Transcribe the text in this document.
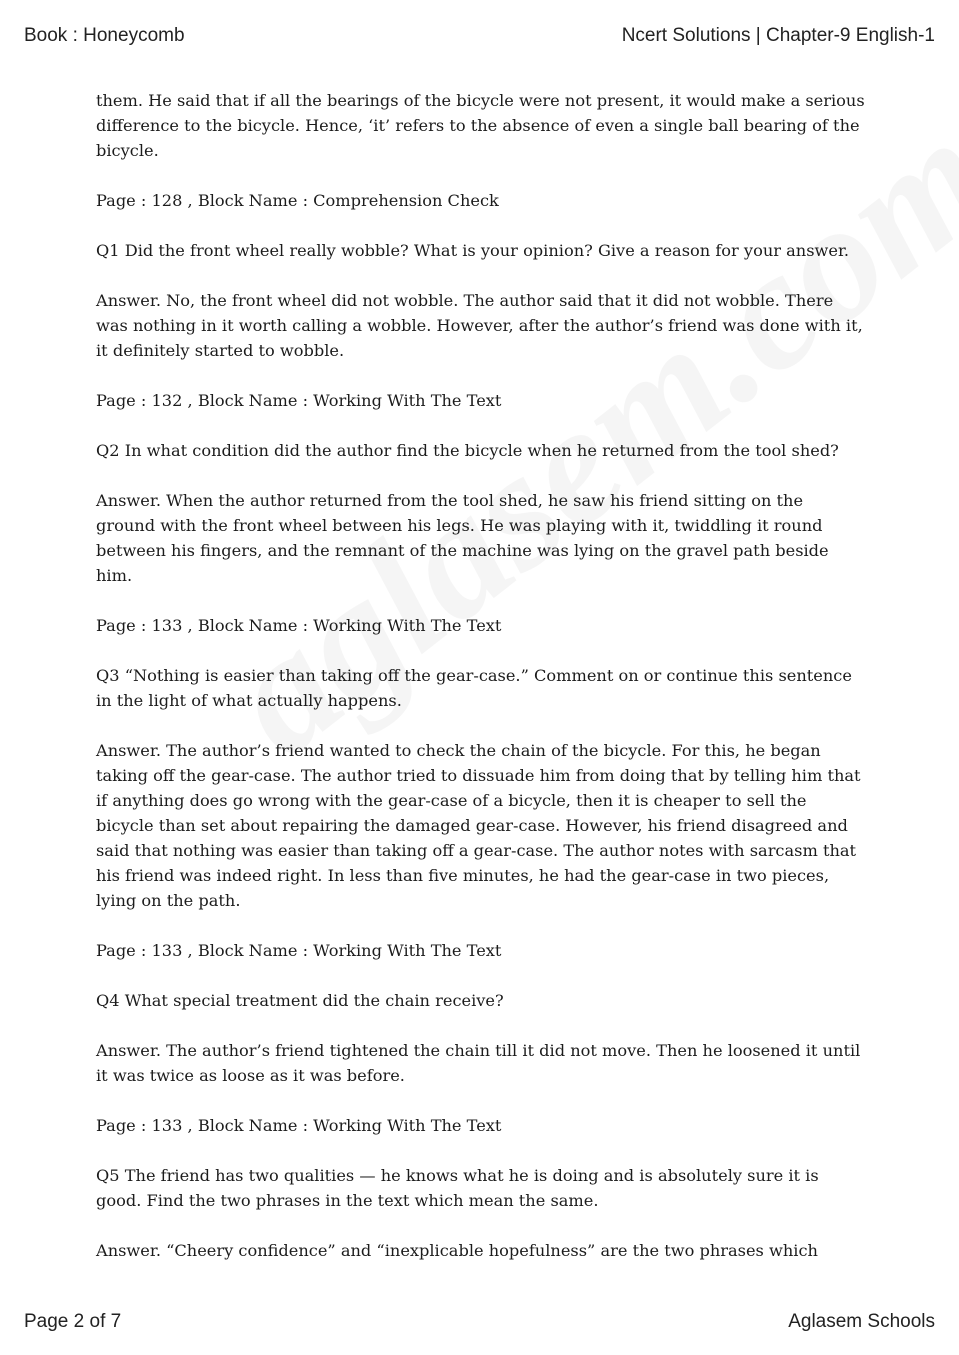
Book : Honeycomb	Ncert Solutions | Chapter-9 English-1

them. He said that if all the bearings of the bicycle were not present, it would make a serious difference to the bicycle. Hence, ‘it’ refers to the absence of even a single ball bearing of the bicycle.

Page : 128 , Block Name : Comprehension Check

Q1 Did the front wheel really wobble? What is your opinion? Give a reason for your answer.

Answer. No, the front wheel did not wobble. The author said that it did not wobble. There was nothing in it worth calling a wobble. However, after the author’s friend was done with it, it definitely started to wobble.

Page : 132 , Block Name : Working With The Text

Q2 In what condition did the author find the bicycle when he returned from the tool shed?

Answer. When the author returned from the tool shed, he saw his friend sitting on the ground with the front wheel between his legs. He was playing with it, twiddling it round between his fingers, and the remnant of the machine was lying on the gravel path beside him.

Page : 133 , Block Name : Working With The Text

Q3 “Nothing is easier than taking off the gear-case.” Comment on or continue this sentence in the light of what actually happens.

Answer. The author’s friend wanted to check the chain of the bicycle. For this, he began taking off the gear-case. The author tried to dissuade him from doing that by telling him that if anything does go wrong with the gear-case of a bicycle, then it is cheaper to sell the bicycle than set about repairing the damaged gear-case. However, his friend disagreed and said that nothing was easier than taking off a gear-case. The author notes with sarcasm that his friend was indeed right. In less than five minutes, he had the gear-case in two pieces, lying on the path.

Page : 133 , Block Name : Working With The Text

Q4 What special treatment did the chain receive?

Answer. The author’s friend tightened the chain till it did not move. Then he loosened it until it was twice as loose as it was before.

Page : 133 , Block Name : Working With The Text

Q5 The friend has two qualities — he knows what he is doing and is absolutely sure it is good. Find the two phrases in the text which mean the same.

Answer. “Cheery confidence” and “inexplicable hopefulness” are the two phrases which

Page 2 of 7	Aglasem Schools
